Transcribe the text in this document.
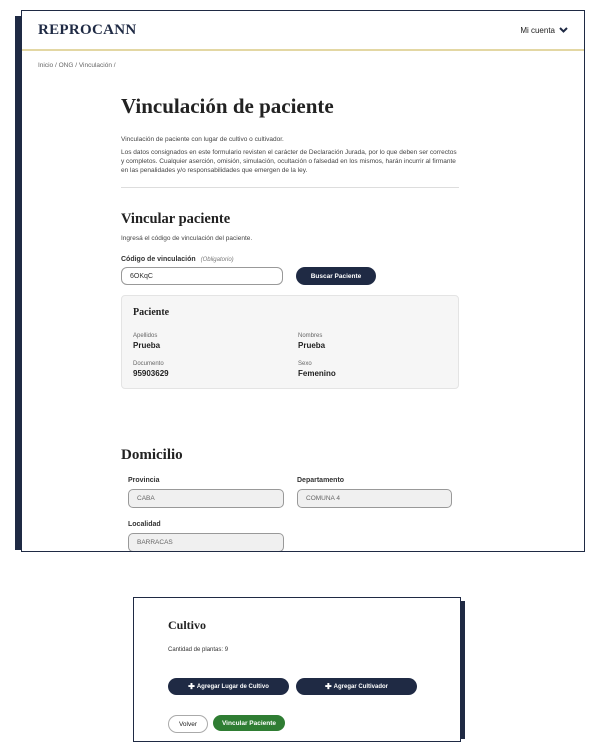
REPROCANN	Mi cuenta
Inicio / ONG / Vinculación /
Vinculación de paciente

Vinculación de paciente con lugar de cultivo o cultivador.

Los datos consignados en este formulario revisten el carácter de Declaración Jurada, por lo que deben ser correctos y completos. Cualquier aserción, omisión, simulación, ocultación o falsedad en los mismos, harán incurrir al firmante en las penalidades y/o responsabilidades que emergen de la ley.

Vincular paciente

Ingresá el código de vinculación del paciente.

Código de vinculación (Obligatorio)
6OKqC	Buscar Paciente
Paciente
Apellidos
Prueba
Nombres
Prueba
Documento
95903629
Sexo
Femenino
Domicilio
Provincia
CABA
Departamento
COMUNA 4
Localidad
BARRACAS
Cultivo
Cantidad de plantas: 9
✚ Agregar Lugar de Cultivo	✚ Agregar Cultivador
Volver	Vincular Paciente
